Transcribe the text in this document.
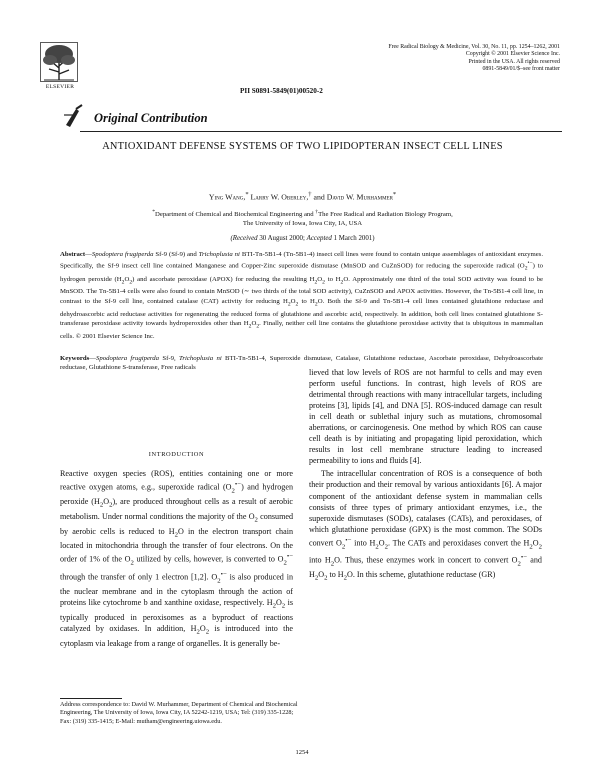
ELSEVIER
Free Radical Biology & Medicine, Vol. 30, No. 11, pp. 1254–1262, 2001
Copyright © 2001 Elsevier Science Inc.
Printed in the USA. All rights reserved
0891-5849/01/$–see front matter
PII S0891-5849(01)00520-2
Original Contribution
ANTIOXIDANT DEFENSE SYSTEMS OF TWO LIPIDOPTERAN INSECT CELL LINES
Ying Wang,* Larry W. Oberley,† and David W. Murhammer*
*Department of Chemical and Biochemical Engineering and †The Free Radical and Radiation Biology Program,
The University of Iowa, Iowa City, IA, USA
(Received 30 August 2000; Accepted 1 March 2001)
Abstract—Spodoptera frugiperda Sf-9 (Sf-9) and Trichoplusia ni BTI-Tn-5B1-4 (Tn-5B1-4) insect cell lines were found to contain unique assemblages of antioxidant enzymes. Specifically, the Sf-9 insect cell line contained Manganese and Copper-Zinc superoxide dismutase (MnSOD and CuZnSOD) for reducing the superoxide radical $(O_2^{•-})$ to hydrogen peroxide $(H_2O_2)$ and ascorbate peroxidase (APOX) for reducing the resulting $H_2O_2$ to $H_2O$. Approximately one third of the total SOD activity was found to be MnSOD. The Tn-5B1-4 cells were also found to contain MnSOD (∼ two thirds of the total SOD activity), CuZnSOD and APOX activities. However, the Tn-5B1-4 cell line, in contrast to the Sf-9 cell line, contained catalase (CAT) activity for reducing $H_2O_2$ to $H_2O$. Both the Sf-9 and Tn-5B1-4 cell lines contained glutathione reductase and dehydroascorbic acid reductase activities for regenerating the reduced forms of glutathione and ascorbic acid, respectively. In addition, both cell lines contained glutathione S-transferase peroxidase activity towards hydroperoxides other than $H_2O_2$. Finally, neither cell line contains the glutathione peroxidase activity that is ubiquitous in mammalian cells. © 2001 Elsevier Science Inc.
Keywords—Spodoptera frugiperda Sf-9, Trichoplusia ni BTI-Tn-5B1-4, Superoxide dismutase, Catalase, Glutathione reductase, Ascorbate peroxidase, Dehydroascorbate reductase, Glutathione S-transferase, Free radicals
INTRODUCTION

Reactive oxygen species (ROS), entities containing one or more reactive oxygen atoms, e.g., superoxide radical $(O_2^{•-})$ and hydrogen peroxide $(H_2O_2)$, are produced throughout cells as a result of aerobic metabolism. Under normal conditions the majority of the $O_2$ consumed by aerobic cells is reduced to $H_2O$ in the electron transport chain located in mitochondria through the transfer of four electrons. On the order of 1% of the $O_2$ utilized by cells, however, is converted to $O_2^{•-}$ through the transfer of only 1 electron [1,2]. $O_2^{•-}$ is also produced in the nuclear membrane and in the cytoplasm through the action of proteins like cytochrome b and xanthine oxidase, respectively. $H_2O_2$ is typically produced in peroxisomes as a byproduct of reactions catalyzed by oxidases. In addition, $H_2O_2$ is introduced into the cytoplasm via leakage from a range of organelles. It is generally be-

lieved that low levels of ROS are not harmful to cells and may even perform useful functions. In contrast, high levels of ROS are detrimental through reactions with many intracellular targets, including proteins [3], lipids [4], and DNA [5]. ROS-induced damage can result in cell death or sublethal injury such as mutations, chromosomal aberrations, or carcinogenesis. One method by which ROS can cause cell death is by initiating and propagating lipid peroxidation, which results in lost cell membrane structure leading to increased permeability to ions and fluids [4].

The intracellular concentration of ROS is a consequence of both their production and their removal by various antioxidants [6]. A major component of the antioxidant defense system in mammalian cells consists of three types of primary antioxidant enzymes, i.e., the superoxide dismutases (SODs), catalases (CATs), and peroxidases, of which glutathione peroxidase (GPX) is the most common. The SODs convert $O_2^{•-}$ into $H_2O_2$. The CATs and peroxidases convert the $H_2O_2$ into $H_2O$. Thus, these enzymes work in concert to convert $O_2^{•-}$ and $H_2O_2$ to $H_2O$. In this scheme, glutathione reductase (GR)

Address correspondence to: David W. Murhammer, Department of Chemical and Biochemical Engineering, The University of Iowa, Iowa City, IA 52242-1219, USA; Tel: (319) 335-1228; Fax: (319) 335-1415; E-Mail: mutham@engineering.uiowa.edu.
1254
